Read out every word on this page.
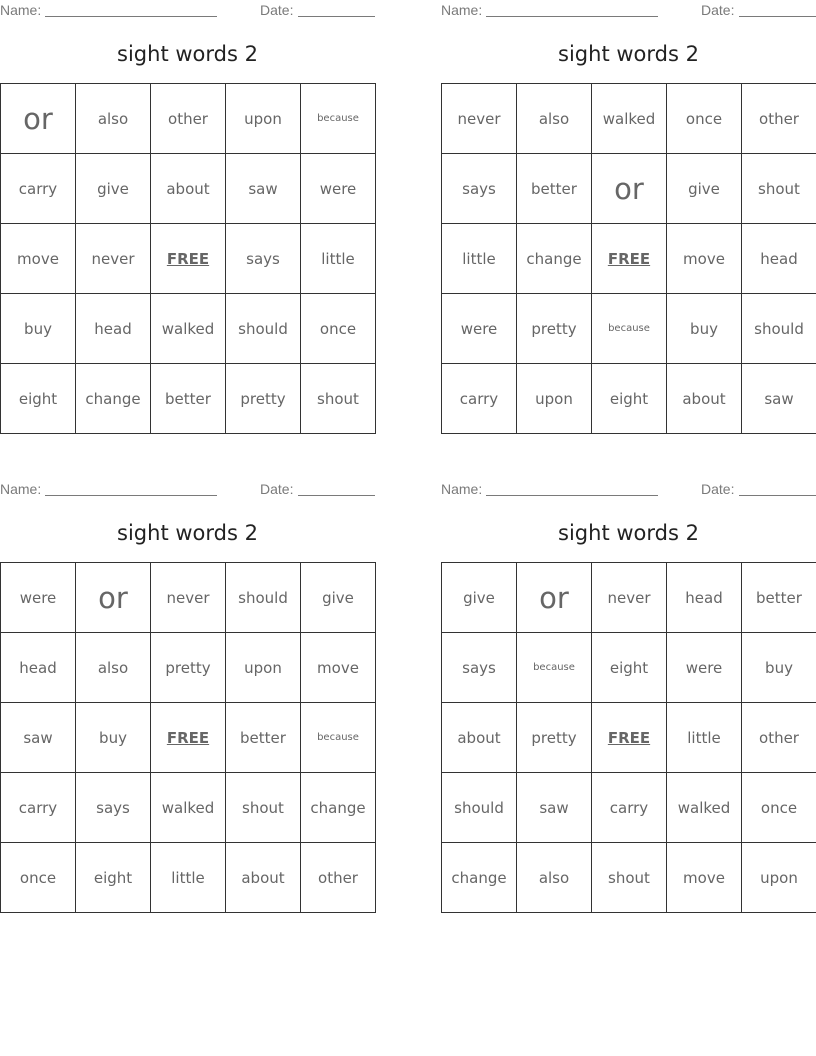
Name:	Date:
sight words 2
or	also	other	upon	because
carry	give	about	saw	were
move	never	FREE	says	little
buy	head	walked	should	once
eight	change	better	pretty	shout
Name:	Date:
sight words 2
never	also	walked	once	other
says	better	or	give	shout
little	change	FREE	move	head
were	pretty	because	buy	should
carry	upon	eight	about	saw
Name:	Date:
sight words 2
were	or	never	should	give
head	also	pretty	upon	move
saw	buy	FREE	better	because
carry	says	walked	shout	change
once	eight	little	about	other
Name:	Date:
sight words 2
give	or	never	head	better
says	because	eight	were	buy
about	pretty	FREE	little	other
should	saw	carry	walked	once
change	also	shout	move	upon
